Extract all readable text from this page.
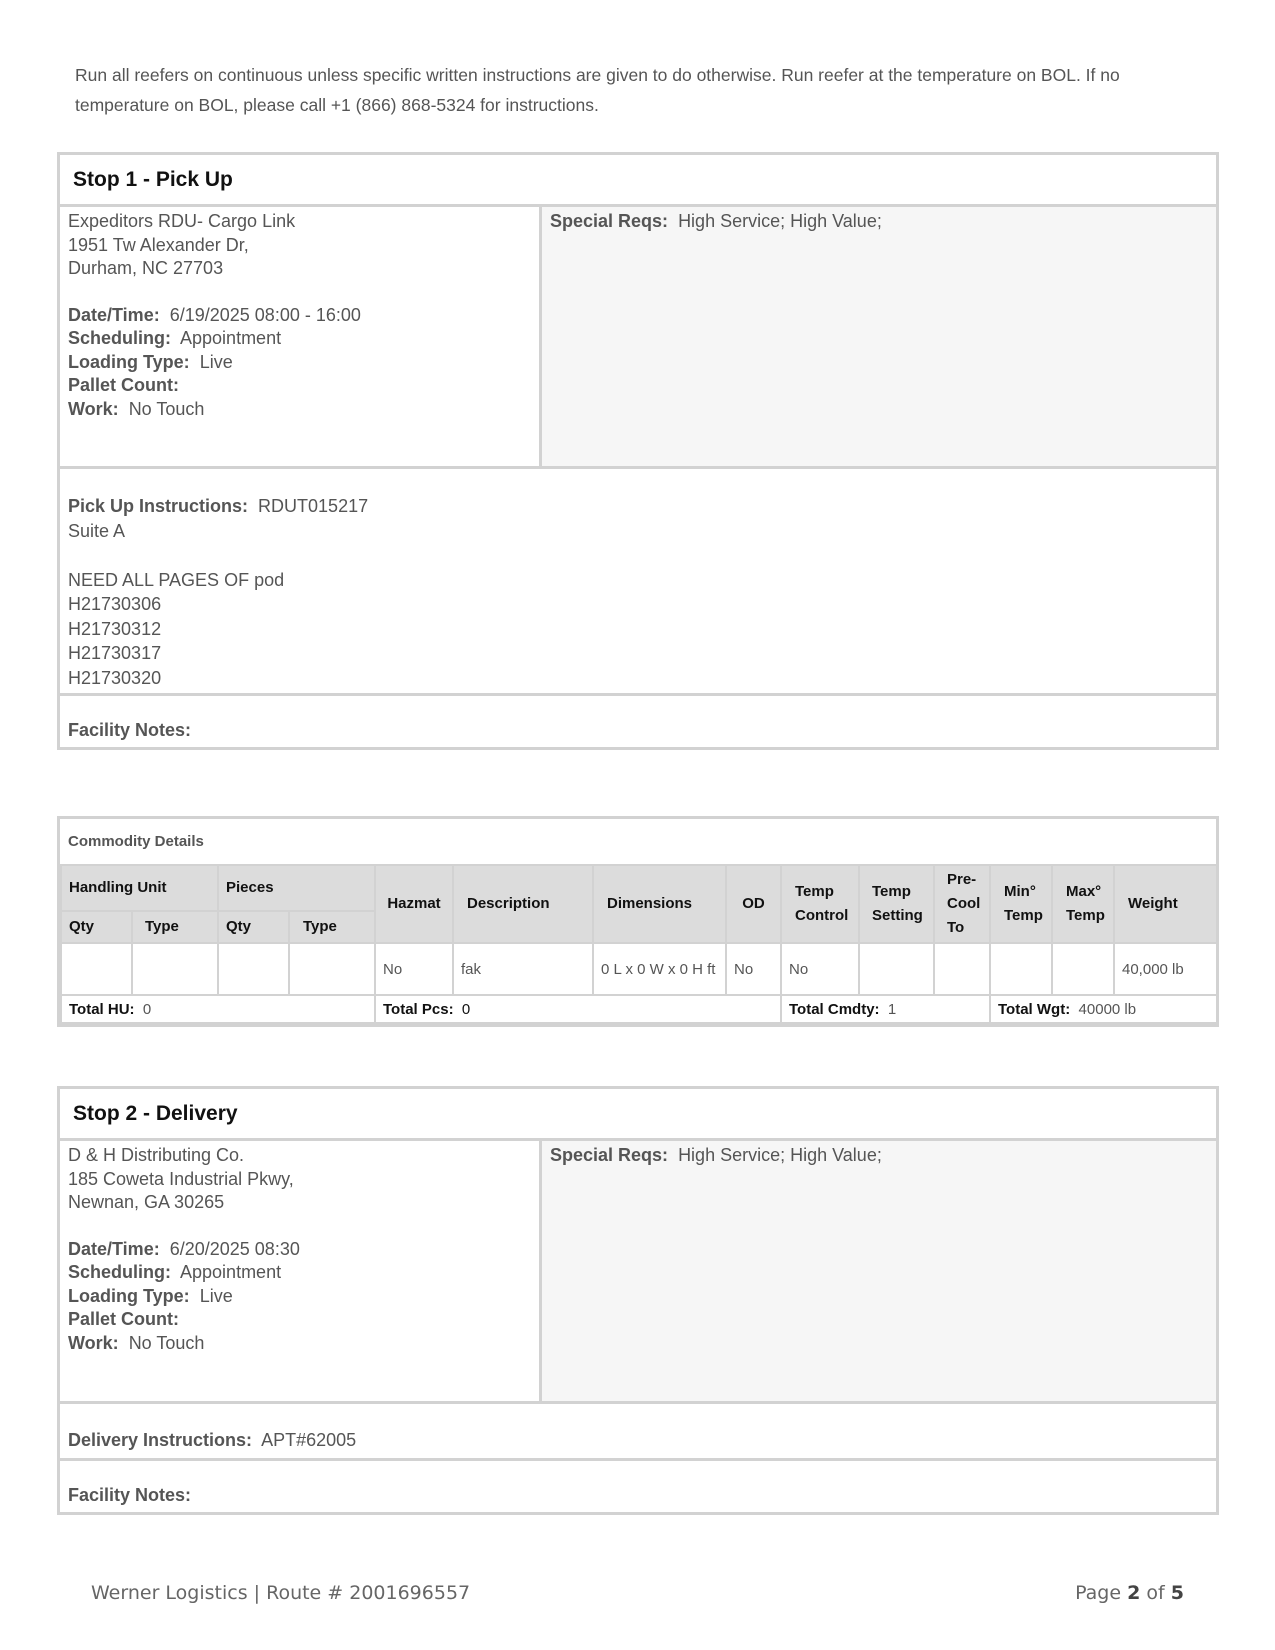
Run all reefers on continuous unless specific written instructions are given to do otherwise. Run reefer at the temperature on BOL. If no temperature on BOL, please call +1 (866) 868-5324 for instructions.
Stop 1 - Pick Up
Expeditors RDU- Cargo Link
1951 Tw Alexander Dr,
Durham, NC 27703
Date/Time: 6/19/2025 08:00 - 16:00
Scheduling: Appointment
Loading Type: Live
Pallet Count:
Work: No Touch
Special Reqs: High Service; High Value;
Pick Up Instructions: RDUT015217
Suite A
NEED ALL PAGES OF pod
H21730306
H21730312
H21730317
H21730320
Facility Notes:
Commodity Details													
Handling Unit		Pieces		Hazmat	Description	Dimensions	OD	Temp Control	Temp Setting	Pre-Cool To	Min° Temp	Max° Temp	Weight
Qty	Type	Qty	Type										
				No	fak	0 L x 0 W x 0 H ft	No	No					40,000 lb
Total HU: 0				Total Pcs: 0				Total Cmdty: 1			Total Wgt: 40000 lb		
Stop 2 - Delivery
D & H Distributing Co.
185 Coweta Industrial Pkwy,
Newnan, GA 30265
Date/Time: 6/20/2025 08:30
Scheduling: Appointment
Loading Type: Live
Pallet Count:
Work: No Touch
Special Reqs: High Service; High Value;
Delivery Instructions: APT#62005
Facility Notes:
Werner Logistics | Route # 2001696557	Page 2 of 5
